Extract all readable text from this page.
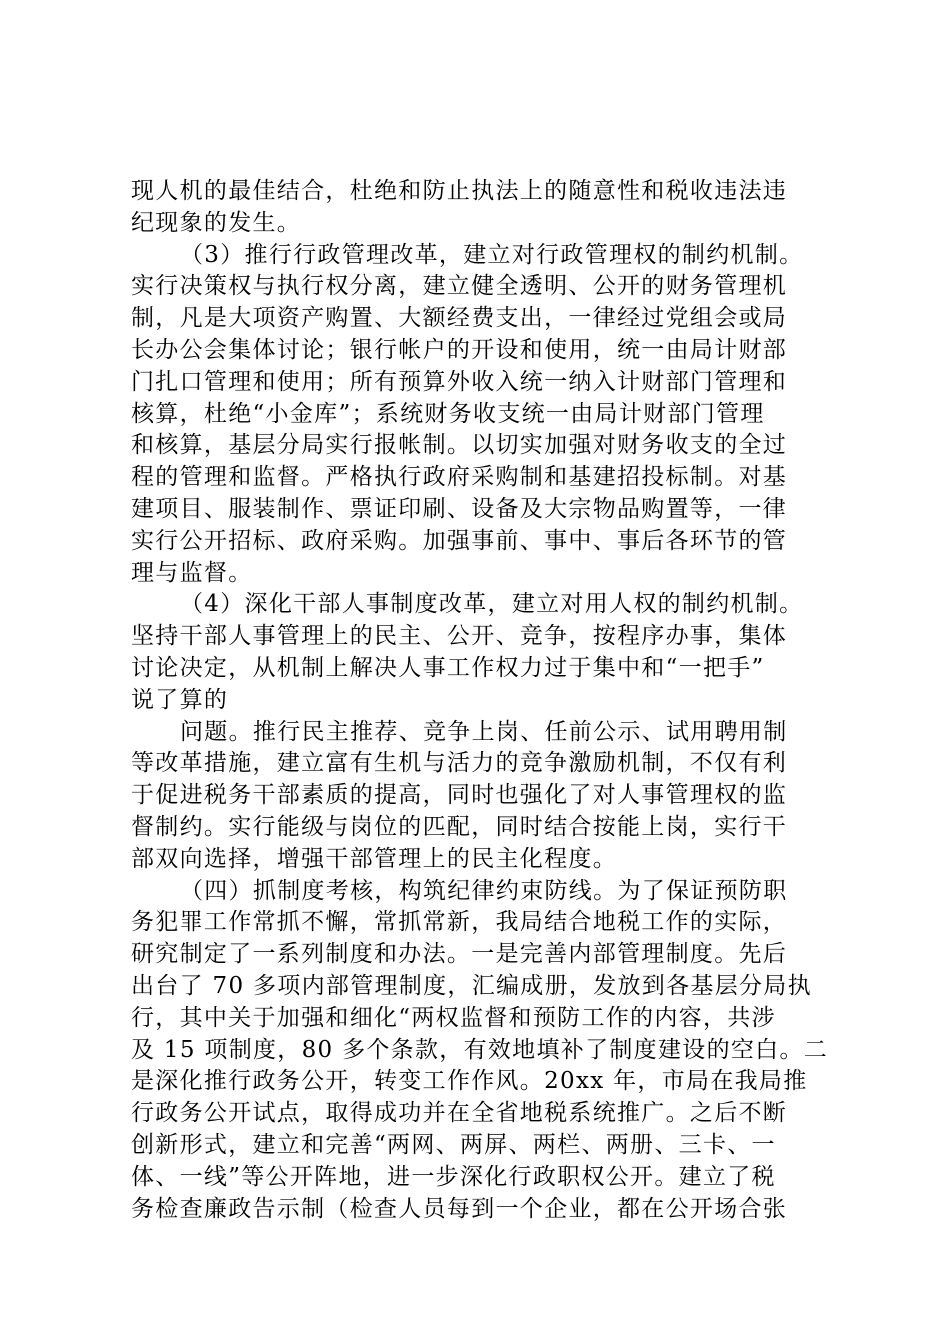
现人机的最佳结合，杜绝和防止执法上的随意性和税收违法违
纪现象的发生。
（3）推行行政管理改革，建立对行政管理权的制约机制。
实行决策权与执行权分离，建立健全透明、公开的财务管理机
制，凡是大项资产购置、大额经费支出，一律经过党组会或局
长办公会集体讨论；银行帐户的开设和使用，统一由局计财部
门扎口管理和使用；所有预算外收入统一纳入计财部门管理和
核算，杜绝“小金库”；系统财务收支统一由局计财部门管理
和核算，基层分局实行报帐制。以切实加强对财务收支的全过
程的管理和监督。严格执行政府采购制和基建招投标制。对基
建项目、服装制作、票证印刷、设备及大宗物品购置等，一律
实行公开招标、政府采购。加强事前、事中、事后各环节的管
理与监督。
（4）深化干部人事制度改革，建立对用人权的制约机制。
坚持干部人事管理上的民主、公开、竞争，按程序办事，集体
讨论决定，从机制上解决人事工作权力过于集中和“一把手”
说了算的
问题。推行民主推荐、竞争上岗、任前公示、试用聘用制
等改革措施，建立富有生机与活力的竞争激励机制，不仅有利
于促进税务干部素质的提高，同时也强化了对人事管理权的监
督制约。实行能级与岗位的匹配，同时结合按能上岗，实行干
部双向选择，增强干部管理上的民主化程度。
（四）抓制度考核，构筑纪律约束防线。为了保证预防职
务犯罪工作常抓不懈，常抓常新，我局结合地税工作的实际，
研究制定了一系列制度和办法。一是完善内部管理制度。先后
出台了 70 多项内部管理制度，汇编成册，发放到各基层分局执
行，其中关于加强和细化“两权监督和预防工作的内容，共涉
及 15 项制度，80 多个条款，有效地填补了制度建设的空白。二
是深化推行政务公开，转变工作作风。20xx 年，市局在我局推
行政务公开试点，取得成功并在全省地税系统推广。之后不断
创新形式，建立和完善“两网、两屏、两栏、两册、三卡、一
体、一线”等公开阵地，进一步深化行政职权公开。建立了税
务检查廉政告示制（检查人员每到一个企业，都在公开场合张
